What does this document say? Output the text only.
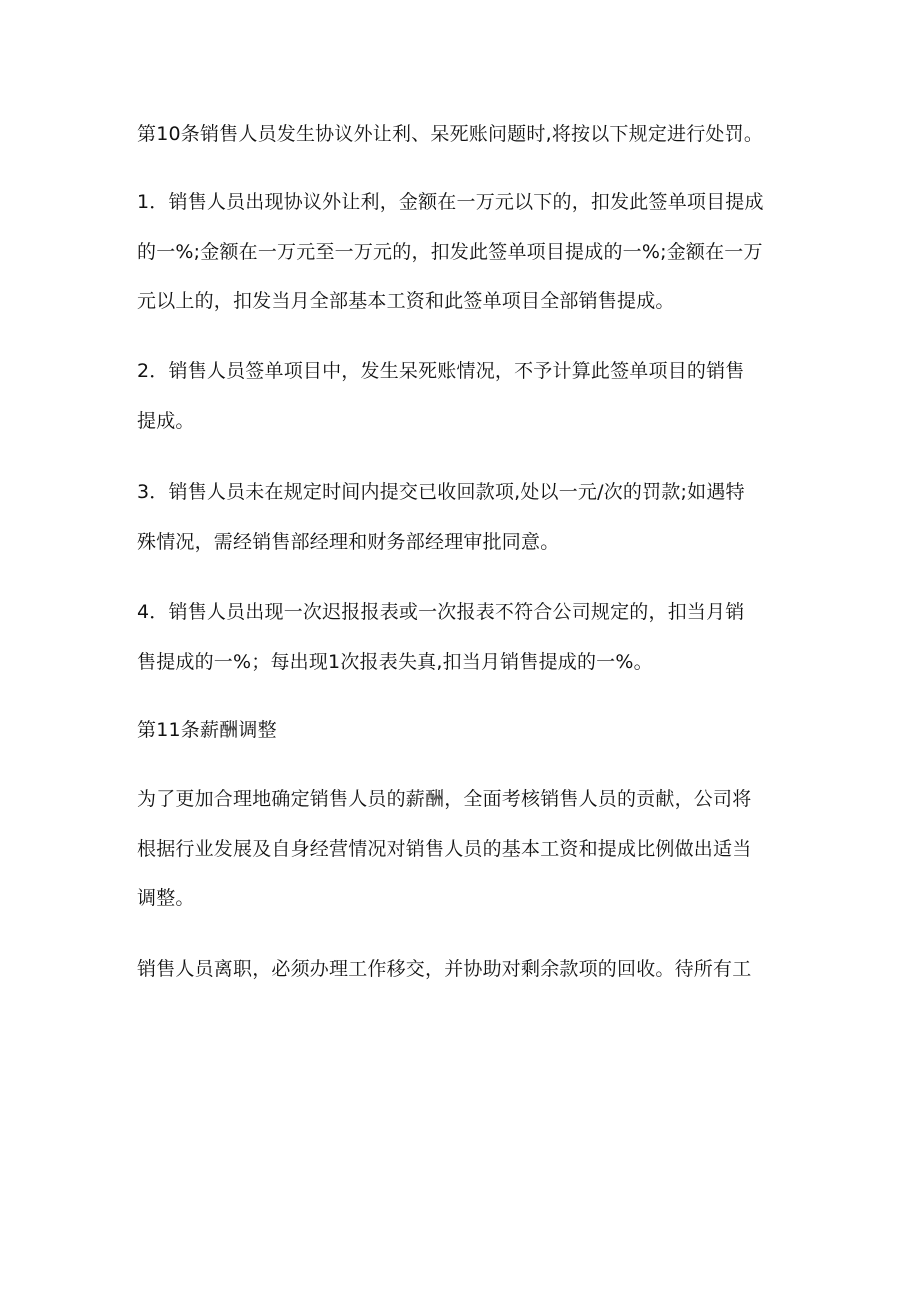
第10条销售人员发生协议外让利、呆死账问题时,将按以下规定进行处罚。
1．销售人员出现协议外让利，金额在一万元以下的，扣发此签单项目提成
的一%;金额在一万元至一万元的，扣发此签单项目提成的一%;金额在一万
元以上的，扣发当月全部基本工资和此签单项目全部销售提成。
2．销售人员签单项目中，发生呆死账情况，不予计算此签单项目的销售
提成。
3．销售人员未在规定时间内提交已收回款项,处以一元/次的罚款;如遇特
殊情况，需经销售部经理和财务部经理审批同意。
4．销售人员出现一次迟报报表或一次报表不符合公司规定的，扣当月销
售提成的一%；每出现1次报表失真,扣当月销售提成的一%。
第11条薪酬调整
为了更加合理地确定销售人员的薪酬，全面考核销售人员的贡献，公司将
根据行业发展及自身经营情况对销售人员的基本工资和提成比例做出适当
调整。
销售人员离职，必须办理工作移交，并协助对剩余款项的回收。待所有工
